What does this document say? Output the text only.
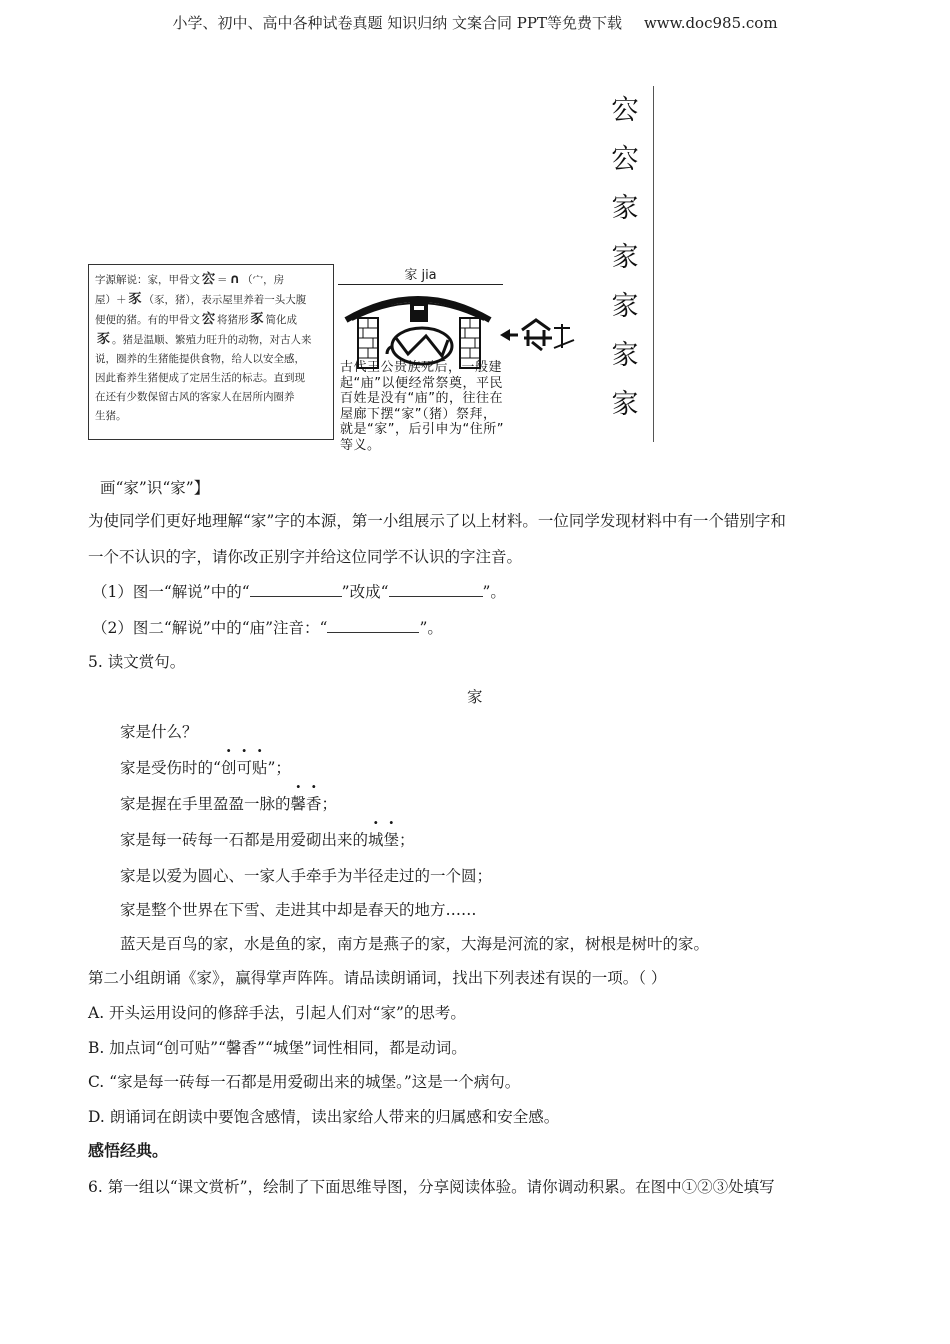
小学、初中、高中各种试卷真题 知识归纳 文案合同 PPT等免费下载 www.doc985.com
字源解说：家，甲骨文 㝐 ＝ ∩ （宀，房
屋）＋ 豕 （豕，猪），表示屋里养着一头大腹
便便的猪。有的甲骨文 㝐 将猪形 豕 简化成
豕 。猪是温顺、繁殖力旺升的动物，对古人来
说，圈养的生猪能提供食物，给人以安全感，
因此畜养生猪便成了定居生活的标志。直到现
在还有少数保留古风的客家人在居所内圈养
生猪。
家 jia
古代王公贵族死后，一般建
起“庙”以便经常祭奠，平民
百姓是没有“庙”的，往往在
屋廊下摆“家”（猪）祭拜，
就是“家”，后引申为“住所”
等义。
㝐
㝐
家
家
家
家
家
画“家”识“家”】
为使同学们更好地理解“家”字的本源，第一小组展示了以上材料。一位同学发现材料中有一个错别字和
一个不认识的字，请你改正别字并给这位同学不认识的字注音。
（1）图一“解说”中的“	”改成“	”。
（2）图二“解说”中的“庙”注音：“	”。
5. 读文赏句。
家
家是什么？
家是受伤时的“创可贴”；
家是握在手里盈盈一脉的馨香；
家是每一砖每一石都是用爱砌出来的城堡；
家是以爱为圆心、一家人手牵手为半径走过的一个圆；
家是整个世界在下雪、走进其中却是春天的地方……
蓝天是百鸟的家，水是鱼的家，南方是燕子的家，大海是河流的家，树根是树叶的家。
第二小组朗诵《家》，赢得掌声阵阵。请品读朗诵词，找出下列表述有误的一项。（ ）
A. 开头运用设问的修辞手法，引起人们对“家”的思考。
B. 加点词“创可贴”“馨香”“城堡”词性相同，都是动词。
C. “家是每一砖每一石都是用爱砌出来的城堡。”这是一个病句。
D. 朗诵词在朗读中要饱含感情，读出家给人带来的归属感和安全感。
感悟经典。
6. 第一组以“课文赏析”，绘制了下面思维导图，分享阅读体验。请你调动积累。在图中①②③处填写
